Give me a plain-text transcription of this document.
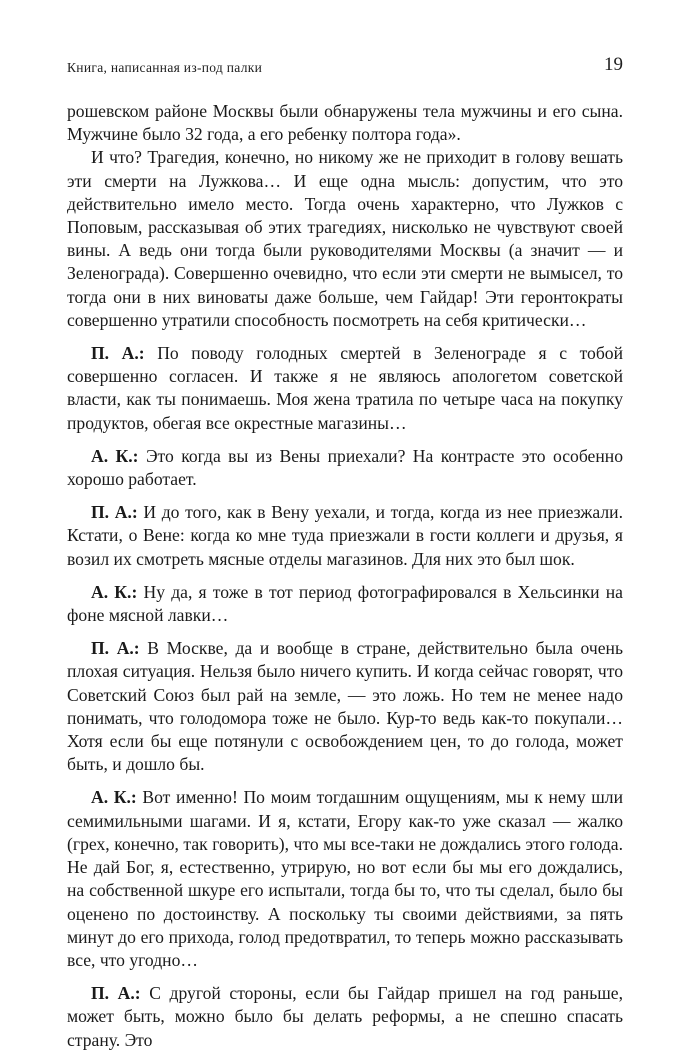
Книга, написанная из-под палки	19

рошевском районе Москвы были обнаружены тела мужчины и его сына. Мужчине было 32 года, а его ребенку полтора года».

И что? Трагедия, конечно, но никому же не приходит в голову вешать эти смерти на Лужкова… И еще одна мысль: допустим, что это действительно имело место. Тогда очень характерно, что Лужков с Поповым, рассказывая об этих трагедиях, нисколько не чувствуют своей вины. А ведь они тогда были руководителями Москвы (а значит — и Зеленограда). Совершенно очевидно, что если эти смерти не вымысел, то тогда они в них виноваты даже больше, чем Гайдар! Эти геронтократы совершенно утратили способность посмотреть на себя критически…

П. А.: По поводу голодных смертей в Зеленограде я с тобой совершенно согласен. И также я не являюсь апологетом советской власти, как ты понимаешь. Моя жена тратила по четыре часа на покупку продуктов, обегая все окрестные магазины…

А. К.: Это когда вы из Вены приехали? На контрасте это особенно хорошо работает.

П. А.: И до того, как в Вену уехали, и тогда, когда из нее приезжали. Кстати, о Вене: когда ко мне туда приезжали в гости коллеги и друзья, я возил их смотреть мясные отделы магазинов. Для них это был шок.

А. К.: Ну да, я тоже в тот период фотографировался в Хельсинки на фоне мясной лавки…

П. А.: В Москве, да и вообще в стране, действительно была очень плохая ситуация. Нельзя было ничего купить. И когда сейчас говорят, что Советский Союз был рай на земле, — это ложь. Но тем не менее надо понимать, что голодомора тоже не было. Кур-то ведь как-то покупали… Хотя если бы еще потянули с освобождением цен, то до голода, может быть, и дошло бы.

А. К.: Вот именно! По моим тогдашним ощущениям, мы к нему шли семимильными шагами. И я, кстати, Егору как-то уже сказал — жалко (грех, конечно, так говорить), что мы все-таки не дождались этого голода. Не дай Бог, я, естественно, утрирую, но вот если бы мы его дождались, на собственной шкуре его испытали, тогда бы то, что ты сделал, было бы оценено по достоинству. А поскольку ты своими действиями, за пять минут до его прихода, голод предотвратил, то теперь можно рассказывать все, что угодно…

П. А.: С другой стороны, если бы Гайдар пришел на год раньше, может быть, можно было бы делать реформы, а не спешно спасать страну. Это
